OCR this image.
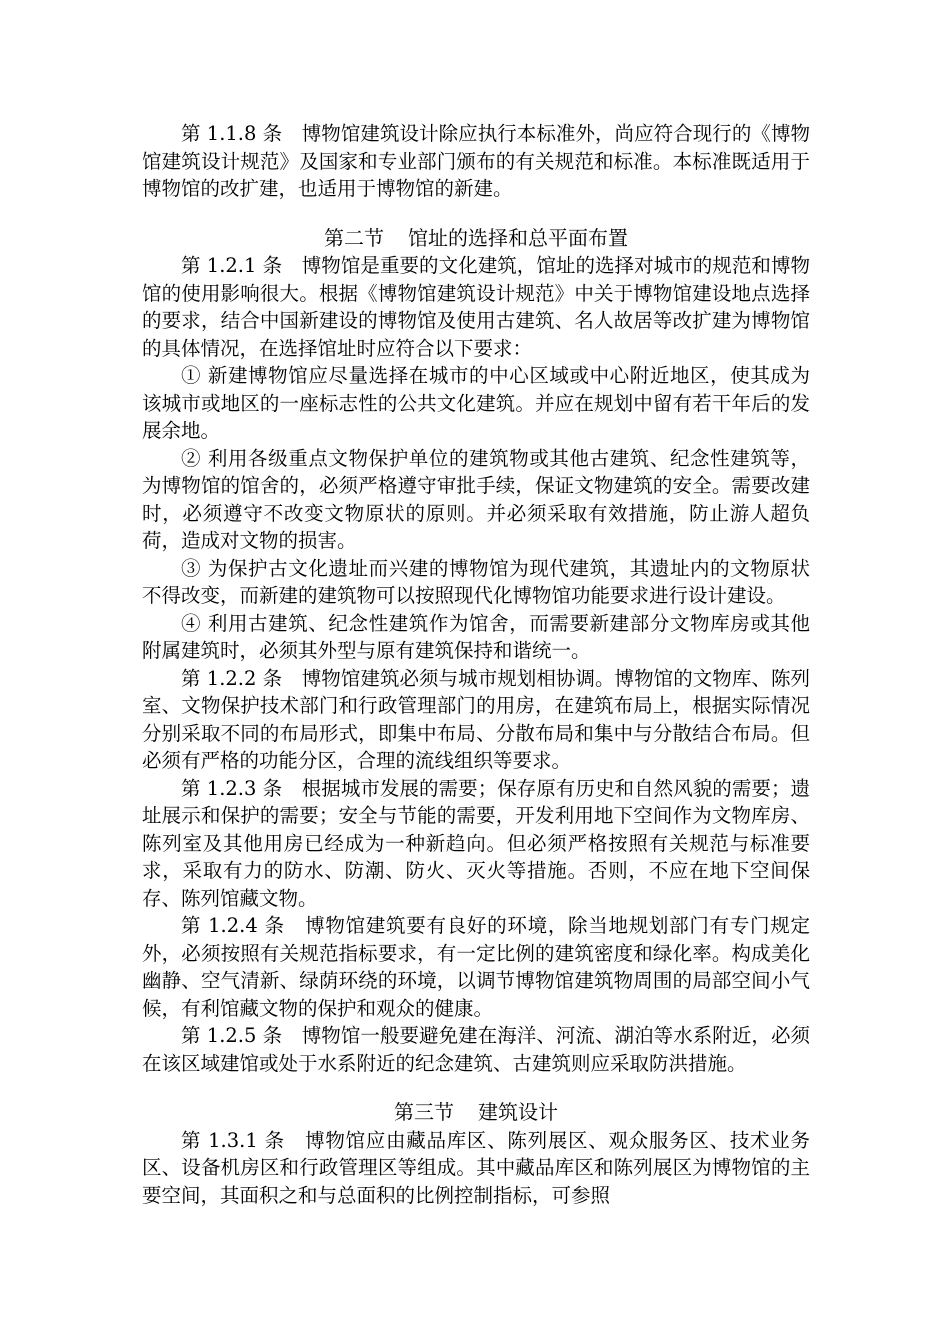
第 1.1.8 条　博物馆建筑设计除应执行本标准外，尚应符合现行的《博物馆建筑设计规范》及国家和专业部门颁布的有关规范和标准。本标准既适用于博物馆的改扩建，也适用于博物馆的新建。

第二节 馆址的选择和总平面布置

第 1.2.1 条　博物馆是重要的文化建筑，馆址的选择对城市的规范和博物馆的使用影响很大。根据《博物馆建筑设计规范》中关于博物馆建设地点选择的要求，结合中国新建设的博物馆及使用古建筑、名人故居等改扩建为博物馆的具体情况，在选择馆址时应符合以下要求：

① 新建博物馆应尽量选择在城市的中心区域或中心附近地区，使其成为该城市或地区的一座标志性的公共文化建筑。并应在规划中留有若干年后的发展余地。

② 利用各级重点文物保护单位的建筑物或其他古建筑、纪念性建筑等，为博物馆的馆舍的，必须严格遵守审批手续，保证文物建筑的安全。需要改建时，必须遵守不改变文物原状的原则。并必须采取有效措施，防止游人超负荷，造成对文物的损害。

③ 为保护古文化遗址而兴建的博物馆为现代建筑，其遗址内的文物原状不得改变，而新建的建筑物可以按照现代化博物馆功能要求进行设计建设。

④ 利用古建筑、纪念性建筑作为馆舍，而需要新建部分文物库房或其他附属建筑时，必须其外型与原有建筑保持和谐统一。

第 1.2.2 条　博物馆建筑必须与城市规划相协调。博物馆的文物库、陈列室、文物保护技术部门和行政管理部门的用房，在建筑布局上，根据实际情况分别采取不同的布局形式，即集中布局、分散布局和集中与分散结合布局。但必须有严格的功能分区，合理的流线组织等要求。

第 1.2.3 条　根据城市发展的需要；保存原有历史和自然风貌的需要；遗址展示和保护的需要；安全与节能的需要，开发利用地下空间作为文物库房、陈列室及其他用房已经成为一种新趋向。但必须严格按照有关规范与标准要求，采取有力的防水、防潮、防火、灭火等措施。否则，不应在地下空间保存、陈列馆藏文物。

第 1.2.4 条　博物馆建筑要有良好的环境，除当地规划部门有专门规定外，必须按照有关规范指标要求，有一定比例的建筑密度和绿化率。构成美化幽静、空气清新、绿荫环绕的环境，以调节博物馆建筑物周围的局部空间小气候，有利馆藏文物的保护和观众的健康。

第 1.2.5 条　博物馆一般要避免建在海洋、河流、湖泊等水系附近，必须在该区域建馆或处于水系附近的纪念建筑、古建筑则应采取防洪措施。

第三节 建筑设计

第 1.3.1 条　博物馆应由藏品库区、陈列展区、观众服务区、技术业务区、设备机房区和行政管理区等组成。其中藏品库区和陈列展区为博物馆的主要空间，其面积之和与总面积的比例控制指标，可参照
